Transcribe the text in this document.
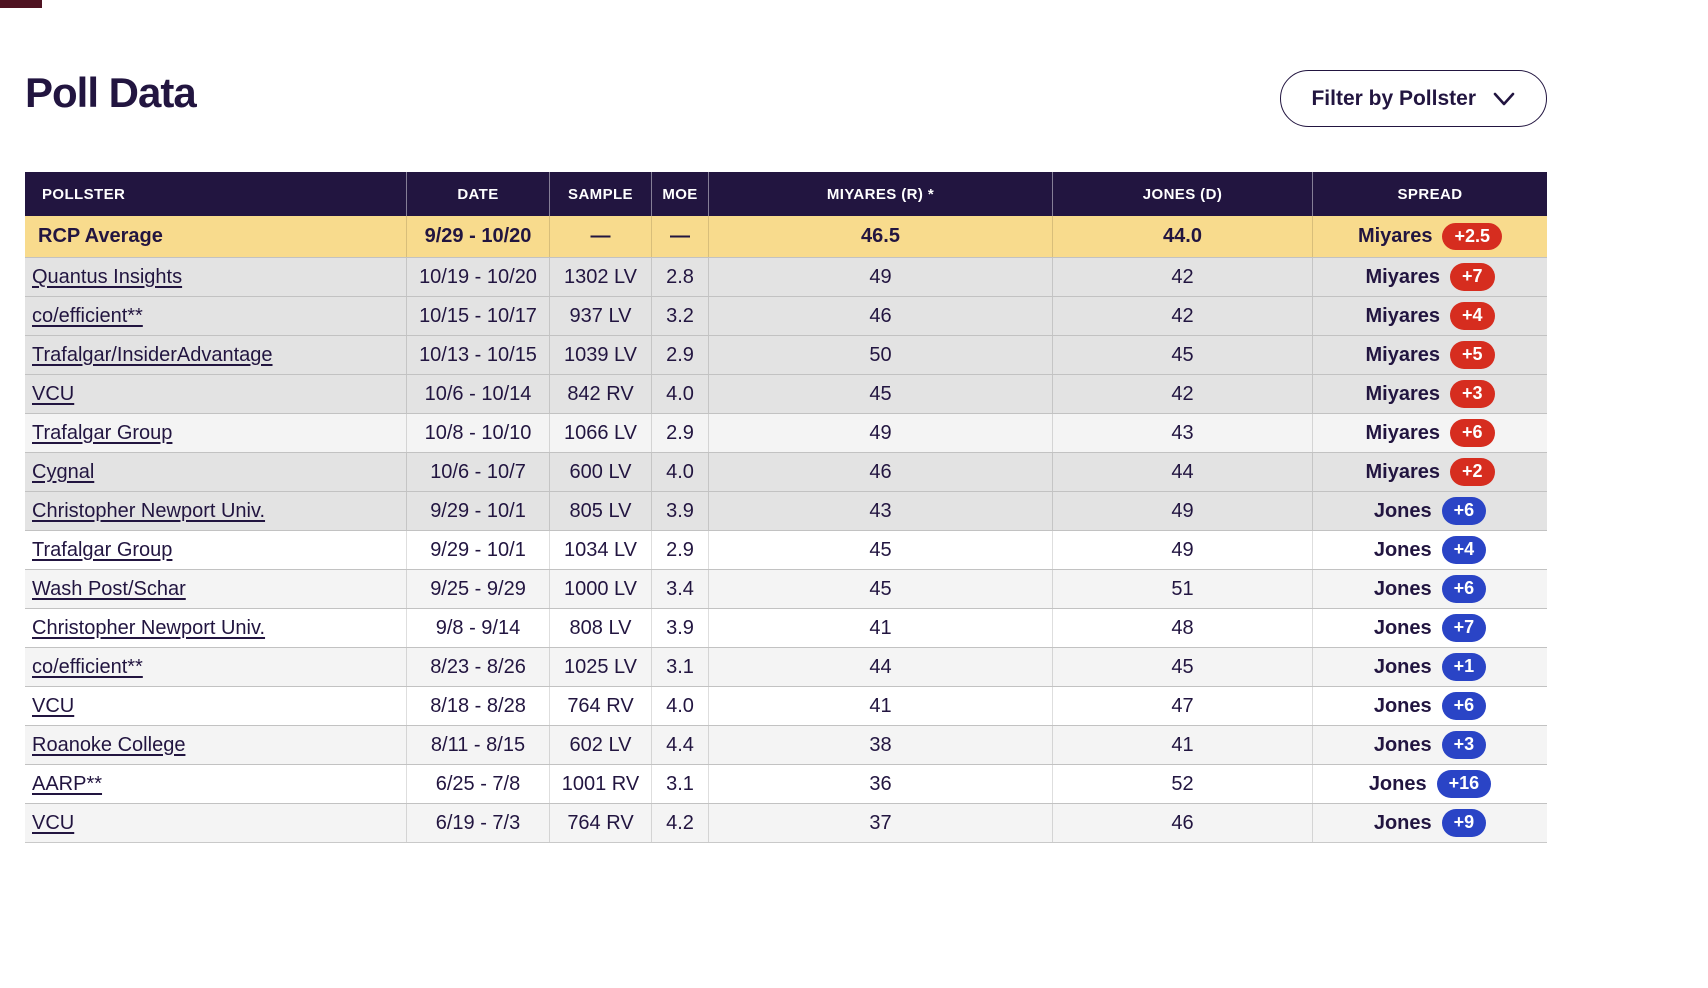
Poll Data	Filter by Pollster
POLLSTER	DATE	SAMPLE	MOE	MIYARES (R) *	JONES (D)	SPREAD
RCP Average	9/29 - 10/20	—	—	46.5	44.0	Miyares	+2.5
Quantus Insights	10/19 - 10/20	1302 LV	2.8	49	42	Miyares	+7
co/efficient**	10/15 - 10/17	937 LV	3.2	46	42	Miyares	+4
Trafalgar/InsiderAdvantage	10/13 - 10/15	1039 LV	2.9	50	45	Miyares	+5
VCU	10/6 - 10/14	842 RV	4.0	45	42	Miyares	+3
Trafalgar Group	10/8 - 10/10	1066 LV	2.9	49	43	Miyares	+6
Cygnal	10/6 - 10/7	600 LV	4.0	46	44	Miyares	+2
Christopher Newport Univ.	9/29 - 10/1	805 LV	3.9	43	49	Jones	+6
Trafalgar Group	9/29 - 10/1	1034 LV	2.9	45	49	Jones	+4
Wash Post/Schar	9/25 - 9/29	1000 LV	3.4	45	51	Jones	+6
Christopher Newport Univ.	9/8 - 9/14	808 LV	3.9	41	48	Jones	+7
co/efficient**	8/23 - 8/26	1025 LV	3.1	44	45	Jones	+1
VCU	8/18 - 8/28	764 RV	4.0	41	47	Jones	+6
Roanoke College	8/11 - 8/15	602 LV	4.4	38	41	Jones	+3
AARP**	6/25 - 7/8	1001 RV	3.1	36	52	Jones	+16
VCU	6/19 - 7/3	764 RV	4.2	37	46	Jones	+9
